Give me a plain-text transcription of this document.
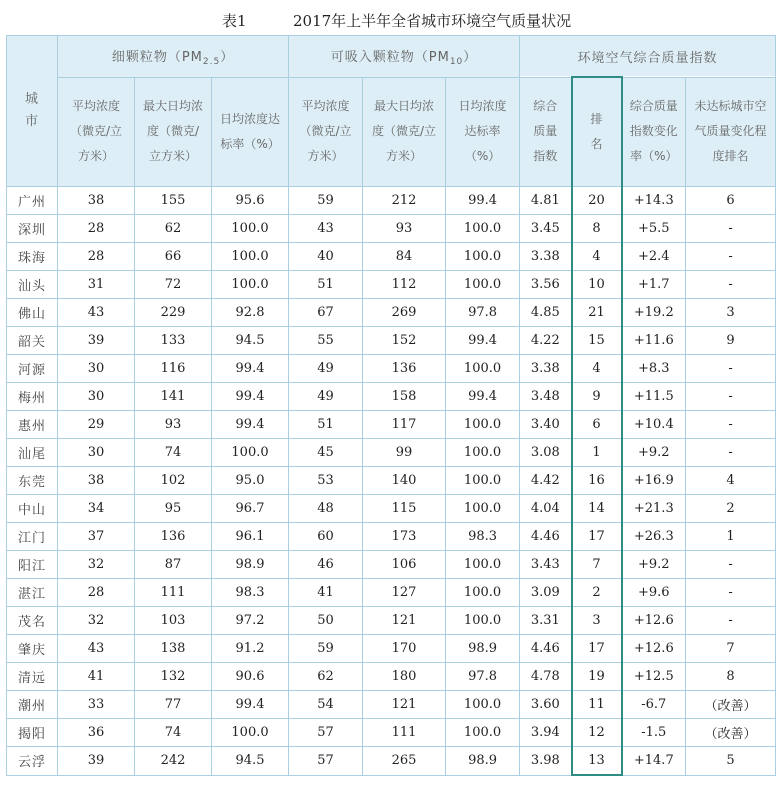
表1	2017年上半年全省城市环境空气质量状况
城市	细颗粒物$(PM_{2.5})$			可吸入颗粒物$(PM_{10})$			环境空气综合质量指数			

	平均浓度（微克/立方米）	最大日均浓度（微克/立方米）	日均浓度达标率（%）	平均浓度（微克/立方米）	最大日均浓度（微克/立方米）	日均浓度达标率（%）	综合质量指数	排名	综合质量指数变化率（%）	未达标城市空气质量变化程度排名

广州	38	155	95.6	59	212	99.4	4.81	20	+14.3	6
深圳	28	62	100.0	43	93	100.0	3.45	8	+5.5	-
珠海	28	66	100.0	40	84	100.0	3.38	4	+2.4	-
汕头	31	72	100.0	51	112	100.0	3.56	10	+1.7	-
佛山	43	229	92.8	67	269	97.8	4.85	21	+19.2	3
韶关	39	133	94.5	55	152	99.4	4.22	15	+11.6	9
河源	30	116	99.4	49	136	100.0	3.38	4	+8.3	-
梅州	30	141	99.4	49	158	99.4	3.48	9	+11.5	-
惠州	29	93	99.4	51	117	100.0	3.40	6	+10.4	-
汕尾	30	74	100.0	45	99	100.0	3.08	1	+9.2	-
东莞	38	102	95.0	53	140	100.0	4.42	16	+16.9	4
中山	34	95	96.7	48	115	100.0	4.04	14	+21.3	2
江门	37	136	96.1	60	173	98.3	4.46	17	+26.3	1
阳江	32	87	98.9	46	106	100.0	3.43	7	+9.2	-
湛江	28	111	98.3	41	127	100.0	3.09	2	+9.6	-
茂名	32	103	97.2	50	121	100.0	3.31	3	+12.6	-
肇庆	43	138	91.2	59	170	98.9	4.46	17	+12.6	7
清远	41	132	90.6	62	180	97.8	4.78	19	+12.5	8
潮州	33	77	99.4	54	121	100.0	3.60	11	-6.7	（改善）
揭阳	36	74	100.0	57	111	100.0	3.94	12	-1.5	（改善）
云浮	39	242	94.5	57	265	98.9	3.98	13	+14.7	5
